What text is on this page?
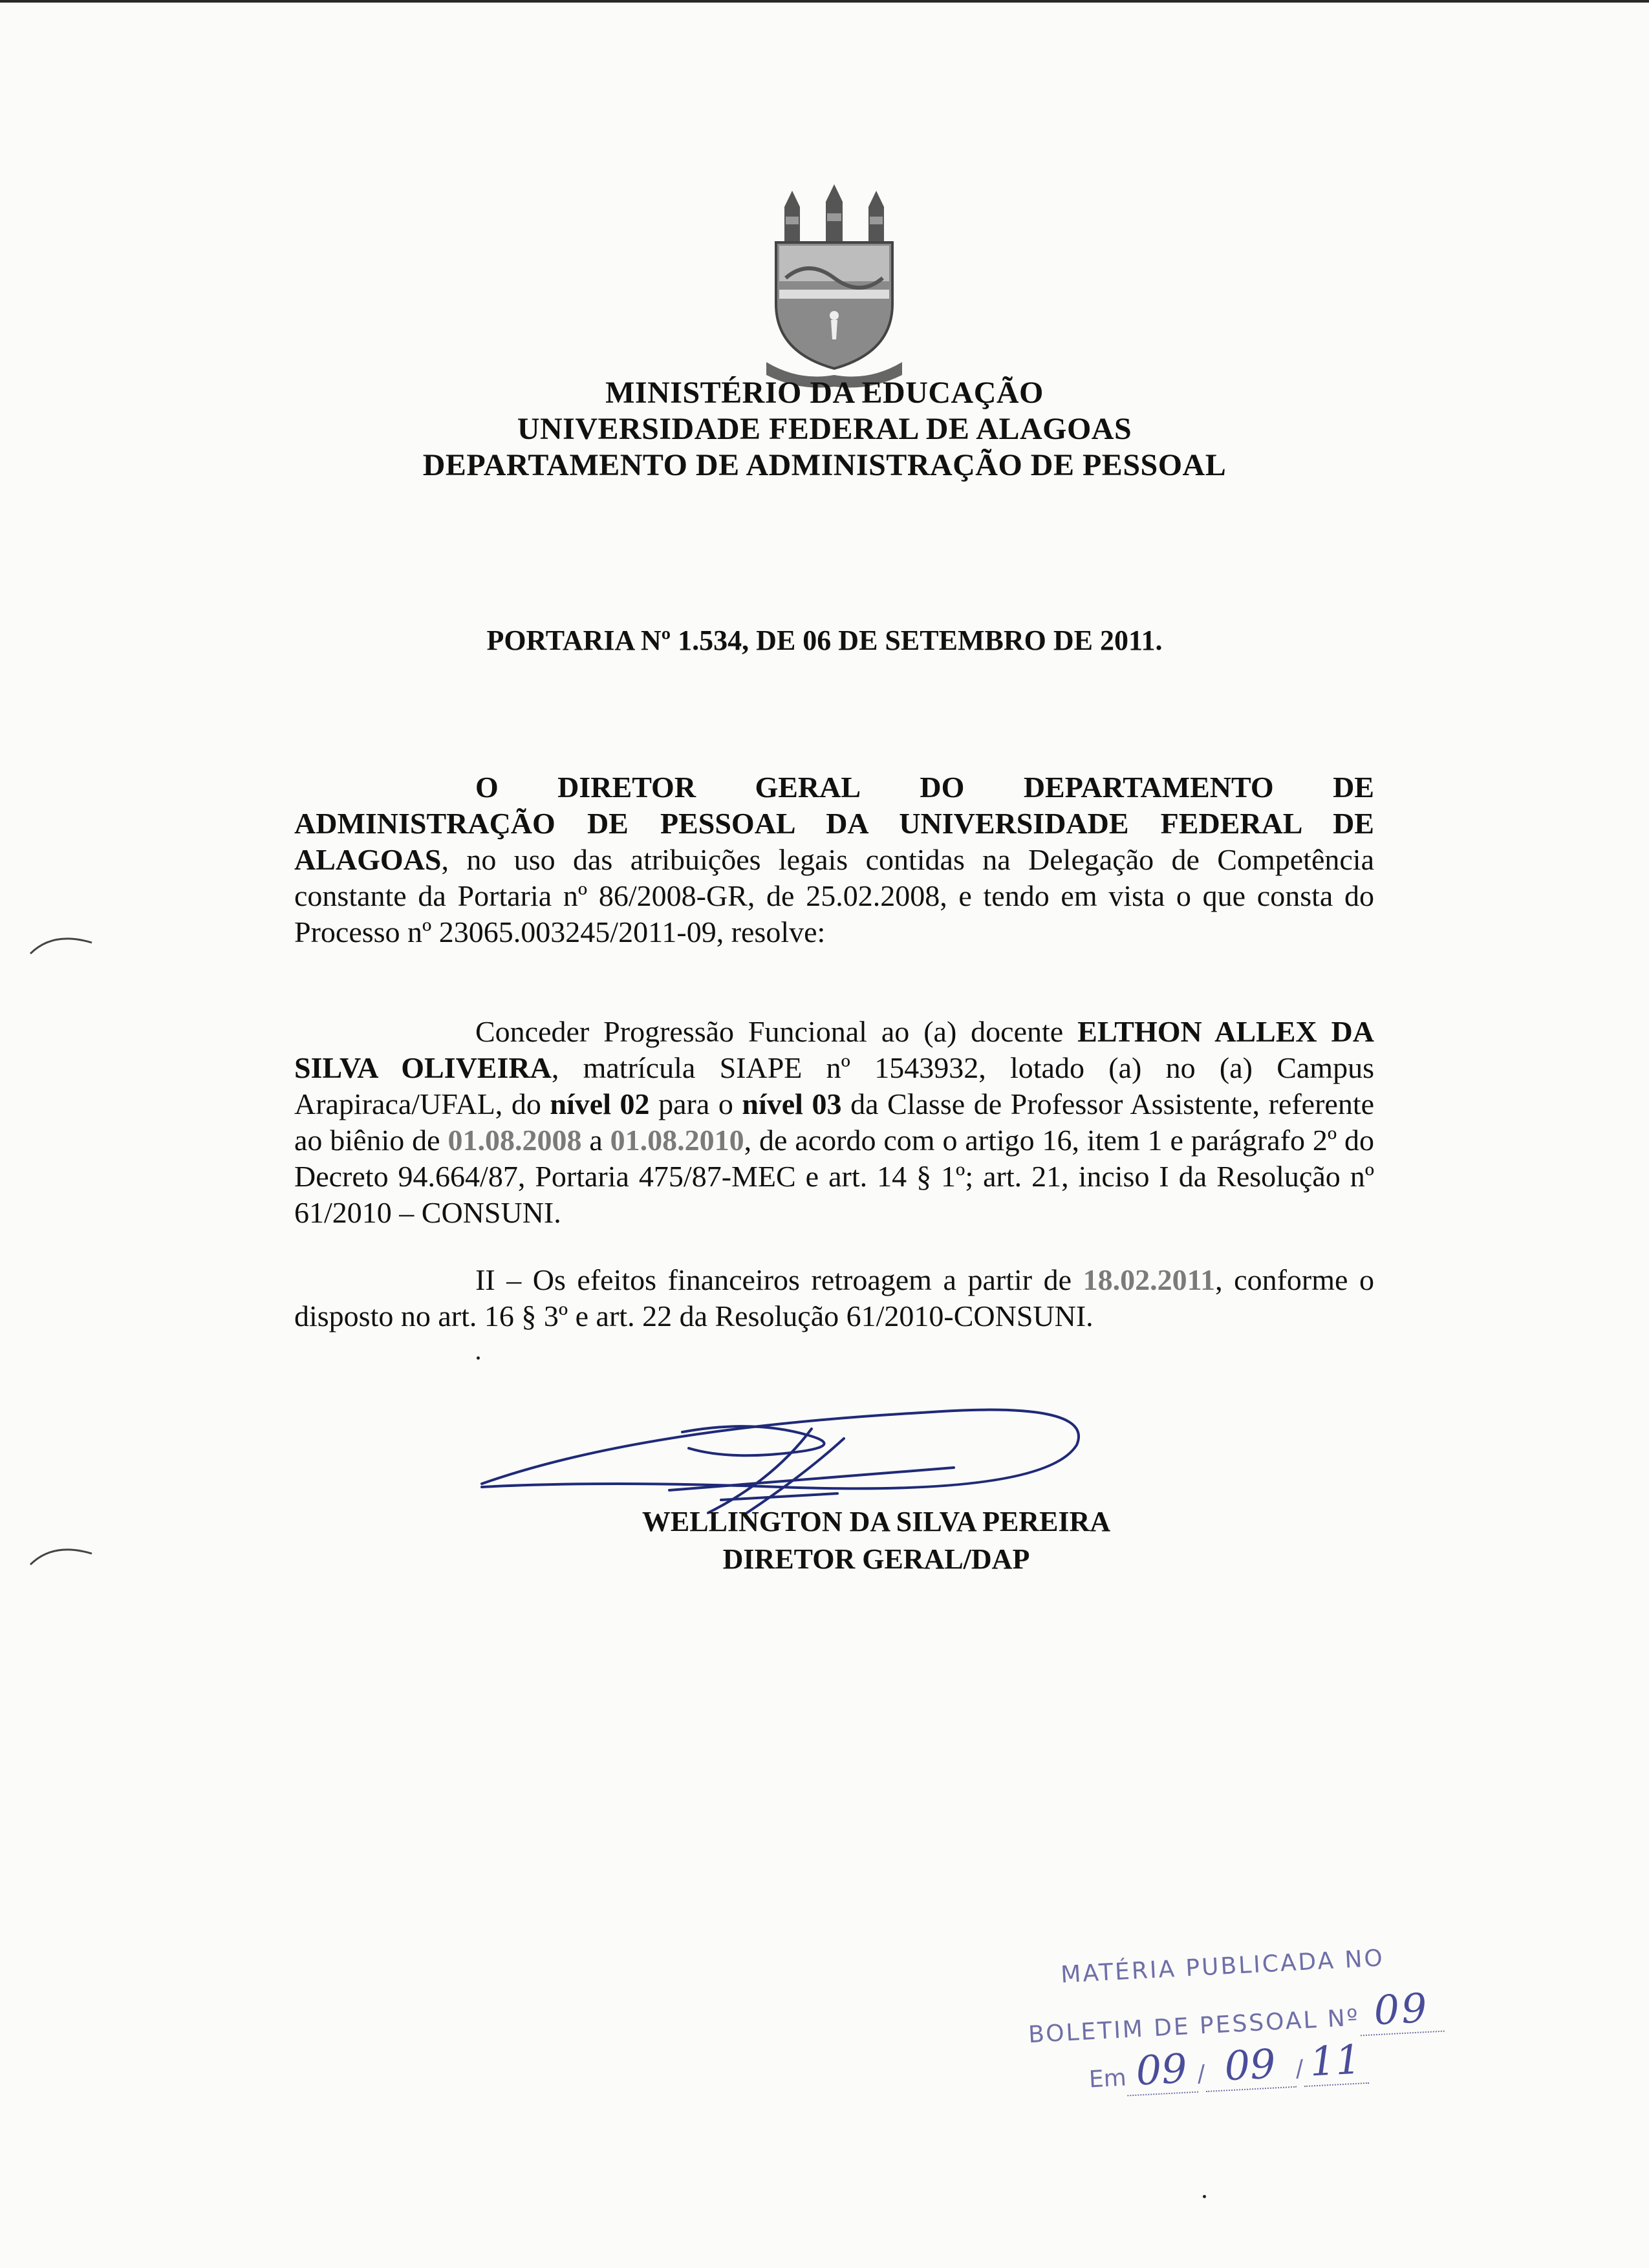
MINISTÉRIO DA EDUCAÇÃO
UNIVERSIDADE FEDERAL DE ALAGOAS
DEPARTAMENTO DE ADMINISTRAÇÃO DE PESSOAL
PORTARIA Nº 1.534, DE 06 DE SETEMBRO DE 2011.
O DIRETOR GERAL DO DEPARTAMENTO DE

ADMINISTRAÇÃO DE PESSOAL DA UNIVERSIDADE FEDERAL DE ALAGOAS, no uso das atribuições legais contidas na Delegação de Competência constante da Portaria nº 86/2008-GR, de 25.02.2008, e tendo em vista o que consta do Processo nº 23065.003245/2011-09, resolve:

Conceder Progressão Funcional ao (a) docente ELTHON ALLEX DA SILVA OLIVEIRA, matrícula SIAPE nº 1543932, lotado (a) no (a) Campus Arapiraca/UFAL, do nível 02 para o nível 03 da Classe de Professor Assistente, referente ao biênio de 01.08.2008 a 01.08.2010, de acordo com o artigo 16, item 1 e parágrafo 2º do Decreto 94.664/87, Portaria 475/87-MEC e art. 14 § 1º; art. 21, inciso I da Resolução nº 61/2010 – CONSUNI.

II – Os efeitos financeiros retroagem a partir de 18.02.2011, conforme o disposto no art. 16 § 3º e art. 22 da Resolução 61/2010-CONSUNI.

WELLINGTON DA SILVA PEREIRA
DIRETOR GERAL/DAP
MATÉRIA PUBLICADA NO
BOLETIM DE PESSOAL Nº 09
Em 09 / 09 / 11
